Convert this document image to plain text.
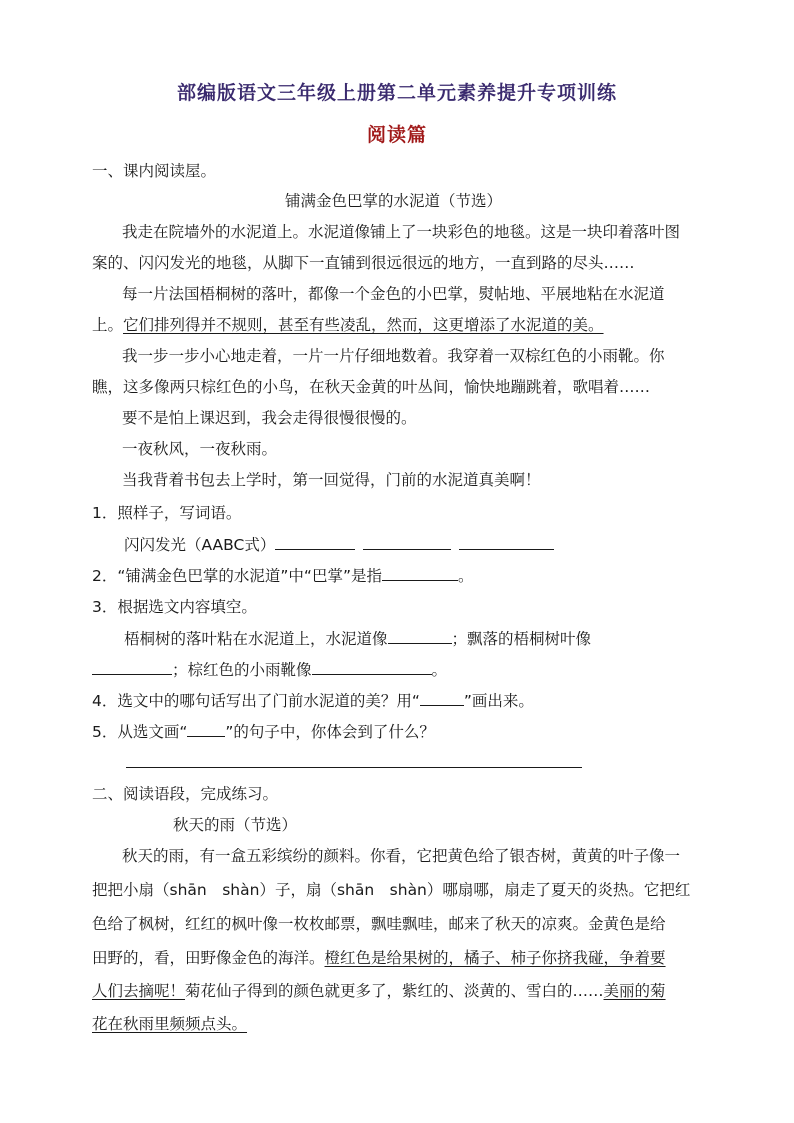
部编版语文三年级上册第二单元素养提升专项训练
阅读篇
一、课内阅读屋。
铺满金色巴掌的水泥道（节选）
我走在院墙外的水泥道上。水泥道像铺上了一块彩色的地毯。这是一块印着落叶图
案的、闪闪发光的地毯，从脚下一直铺到很远很远的地方，一直到路的尽头……
每一片法国梧桐树的落叶，都像一个金色的小巴掌，熨帖地、平展地粘在水泥道
上。它们排列得并不规则，甚至有些凌乱，然而，这更增添了水泥道的美。
我一步一步小心地走着，一片一片仔细地数着。我穿着一双棕红色的小雨靴。你
瞧，这多像两只棕红色的小鸟，在秋天金黄的叶丛间，愉快地蹦跳着，歌唱着……
要不是怕上课迟到，我会走得很慢很慢的。
一夜秋风，一夜秋雨。
当我背着书包去上学时，第一回觉得，门前的水泥道真美啊！
1．照样子，写词语。
闪闪发光（AABC式）
2．“铺满金色巴掌的水泥道”中“巴掌”是指	。
3．根据选文内容填空。
梧桐树的落叶粘在水泥道上，水泥道像	；飘落的梧桐树叶像
；棕红色的小雨靴像	。
4．选文中的哪句话写出了门前水泥道的美？用“	”画出来。
5．从选文画“ ”的句子中，你体会到了什么？
二、阅读语段，完成练习。
秋天的雨（节选）
秋天的雨，有一盒五彩缤纷的颜料。你看，它把黄色给了银杏树，黄黄的叶子像一
把把小扇（shān　shàn）子，扇（shān　shàn）哪扇哪，扇走了夏天的炎热。它把红
色给了枫树，红红的枫叶像一枚枚邮票，飘哇飘哇，邮来了秋天的凉爽。金黄色是给
田野的，看，田野像金色的海洋。橙红色是给果树的，橘子、柿子你挤我碰，争着要
人们去摘呢！菊花仙子得到的颜色就更多了，紫红的、淡黄的、雪白的……美丽的菊
花在秋雨里频频点头。
